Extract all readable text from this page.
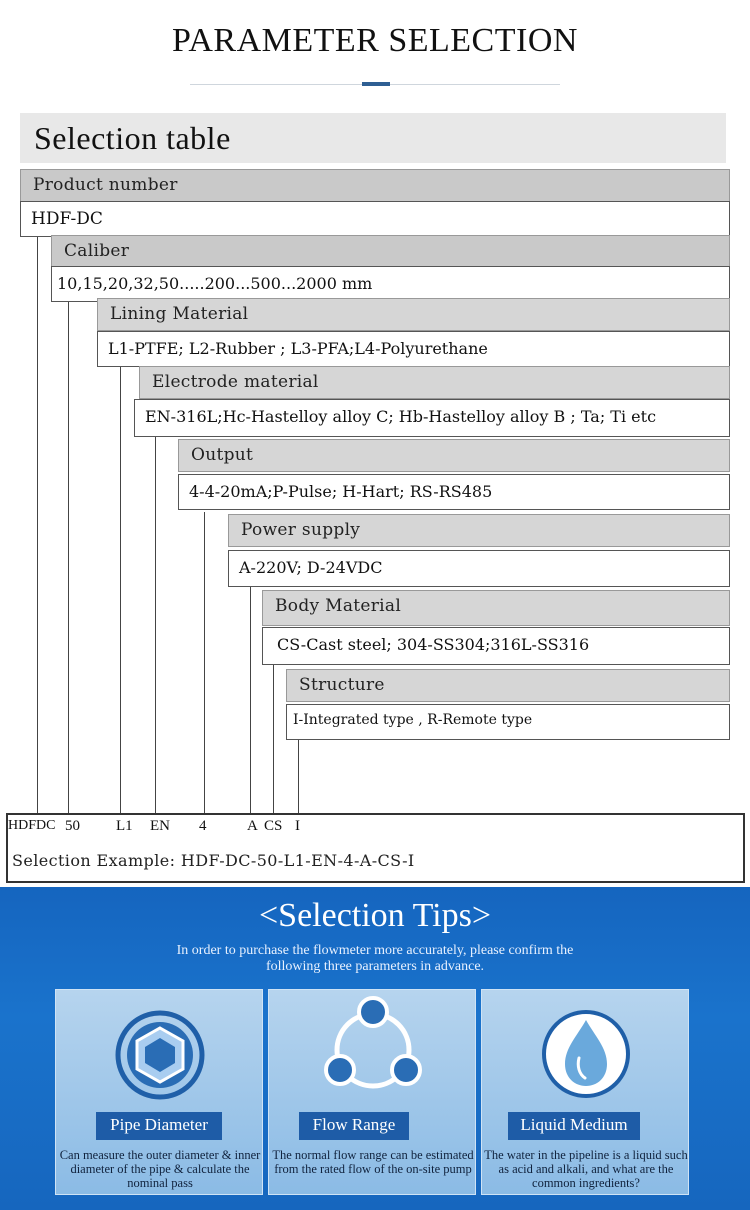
PARAMETER SELECTION
Selection table
Product number
HDF-DC
Caliber
10,15,20,32,50.....200...500...2000 mm
Lining Material
L1-PTFE; L2-Rubber ; L3-PFA;L4-Polyurethane
Electrode material
EN-316L;Hc-Hastelloy alloy C; Hb-Hastelloy alloy B ; Ta; Ti etc
Output
4-4-20mA;P-Pulse; H-Hart; RS-RS485
Power supply
A-220V; D-24VDC
Body Material
CS-Cast steel; 304-SS304;316L-SS316
Structure
I-Integrated type , R-Remote type
HDFDC 50 L1 EN 4	A CS I
Selection Example: HDF-DC-50-L1-EN-4-A-CS-I
<Selection Tips>
In order to purchase the flowmeter more accurately, please confirm the
following three parameters in advance.
Pipe Diameter
Can measure the outer diameter & inner diameter of the pipe & calculate the nominal pass
Flow Range
The normal flow range can be estimated from the rated flow of the on-site pump
Liquid Medium
The water in the pipeline is a liquid such as acid and alkali, and what are the common ingredients?
